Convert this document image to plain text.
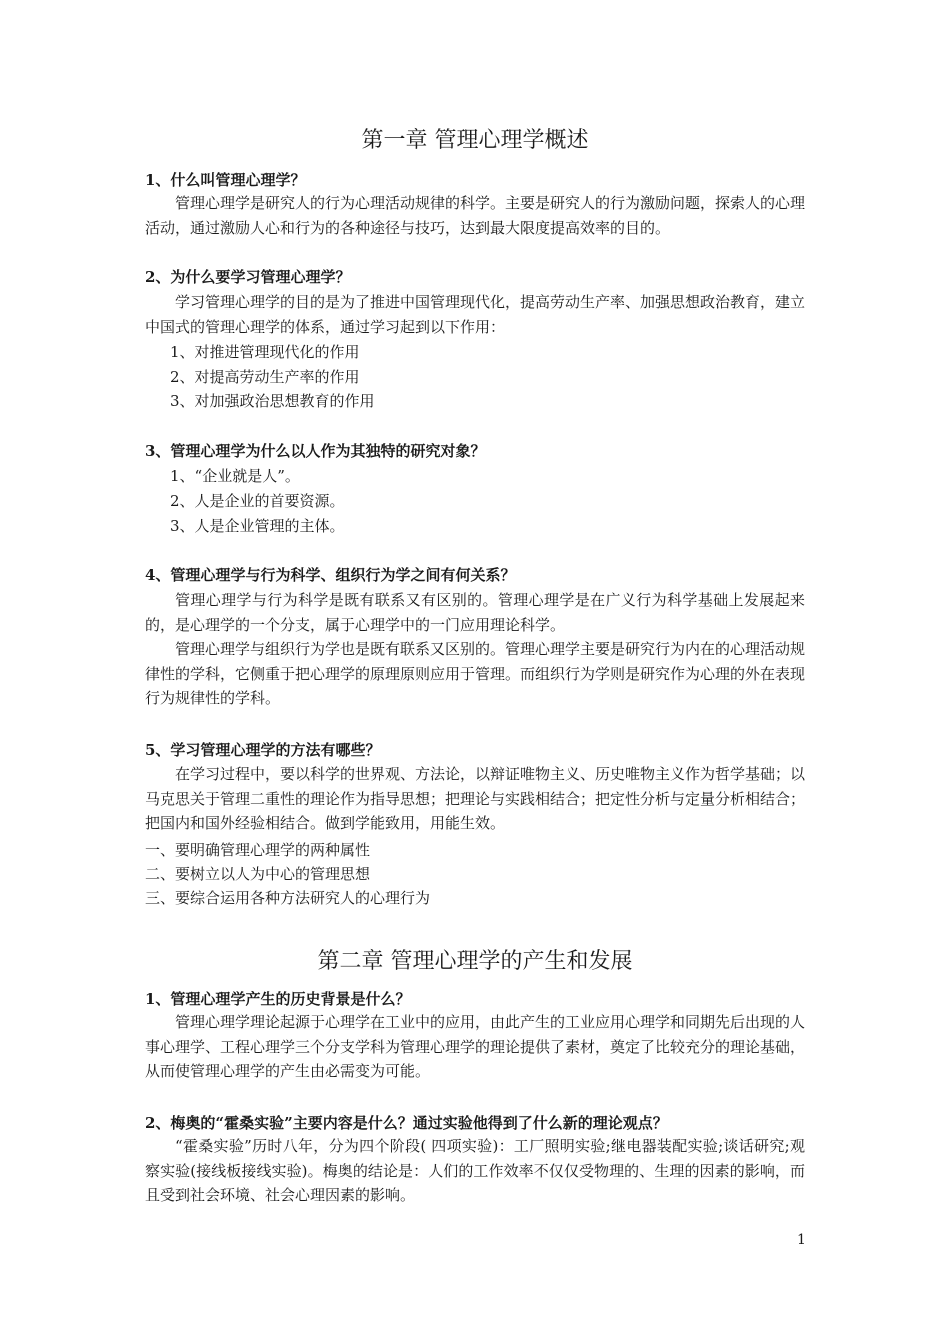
第一章 管理心理学概述
1、什么叫管理心理学？

管理心理学是研究人的行为心理活动规律的科学。主要是研究人的行为激励问题，探索人的心理活动，通过激励人心和行为的各种途径与技巧，达到最大限度提高效率的目的。

2、为什么要学习管理心理学？

学习管理心理学的目的是为了推进中国管理现代化，提高劳动生产率、加强思想政治教育，建立中国式的管理心理学的体系，通过学习起到以下作用：

1、对推进管理现代化的作用
2、对提高劳动生产率的作用
3、对加强政治思想教育的作用
3、管理心理学为什么以人作为其独特的研究对象？
1、“企业就是人”。
2、人是企业的首要资源。
3、人是企业管理的主体。
4、管理心理学与行为科学、组织行为学之间有何关系？

管理心理学与行为科学是既有联系又有区别的。管理心理学是在广义行为科学基础上发展起来的，是心理学的一个分支，属于心理学中的一门应用理论科学。

管理心理学与组织行为学也是既有联系又区别的。管理心理学主要是研究行为内在的心理活动规律性的学科，它侧重于把心理学的原理原则应用于管理。而组织行为学则是研究作为心理的外在表现行为规律性的学科。

5、学习管理心理学的方法有哪些？

在学习过程中，要以科学的世界观、方法论，以辩证唯物主义、历史唯物主义作为哲学基础；以马克思关于管理二重性的理论作为指导思想；把理论与实践相结合；把定性分析与定量分析相结合；把国内和国外经验相结合。做到学能致用，用能生效。

一、要明确管理心理学的两种属性
二、要树立以人为中心的管理思想
三、要综合运用各种方法研究人的心理行为
第二章 管理心理学的产生和发展
1、管理心理学产生的历史背景是什么？

管理心理学理论起源于心理学在工业中的应用，由此产生的工业应用心理学和同期先后出现的人事心理学、工程心理学三个分支学科为管理心理学的理论提供了素材，奠定了比较充分的理论基础，从而使管理心理学的产生由必需变为可能。

2、梅奥的“霍桑实验”主要内容是什么？通过实验他得到了什么新的理论观点？

“霍桑实验”历时八年，分为四个阶段( 四项实验)：工厂照明实验;继电器装配实验;谈话研究;观察实验(接线板接线实验)。梅奥的结论是：人们的工作效率不仅仅受物理的、生理的因素的影响，而且受到社会环境、社会心理因素的影响。

1
